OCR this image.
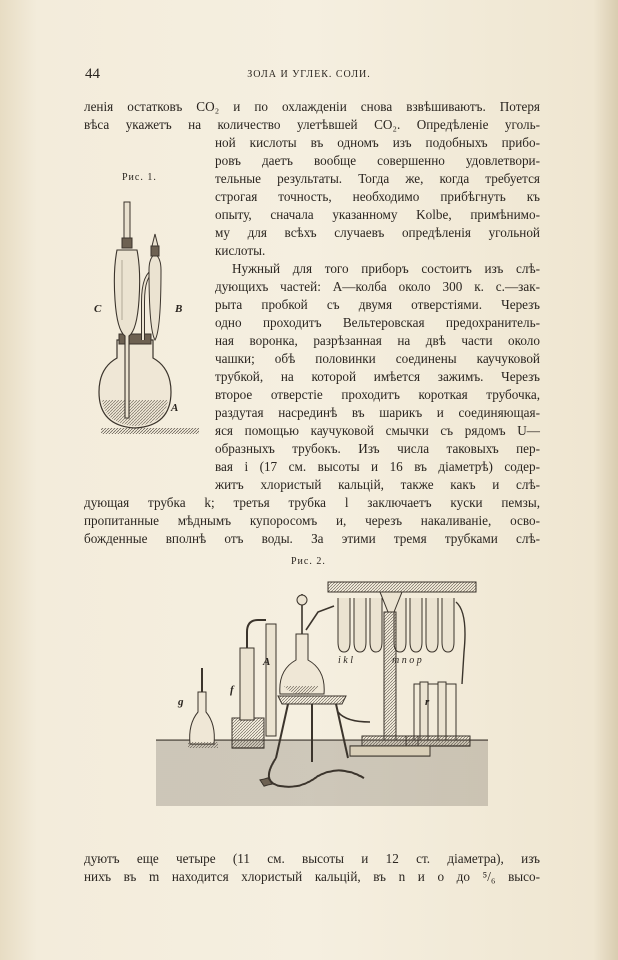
44	ЗОЛА И УГЛЕК. СОЛИ.
ленія остатковъ CO₂ и по охлажденіи снова взвѣшиваютъ. Потеря
вѣса укажетъ на количество улетѣвшей CO₂. Опредѣленіе уголь-
ной кислоты въ одномъ изъ подобныхъ прибо-
ровъ даетъ вообще совершенно удовлетвори-
тельные результаты. Тогда же, когда требуется
строгая точность, необходимо прибѣгнуть къ
опыту, сначала указанному Kolbe, примѣнимо-
му для всѣхъ случаевъ опредѣленія угольной
кислоты.
Нужный для того приборъ состоитъ изъ слѣ-
дующихъ частей: A—колба около 300 к. с.—зак-
рыта пробкой съ двумя отверстіями. Черезъ
одно проходитъ Вельтеровская предохранитель-
ная воронка, разрѣзанная на двѣ части около
чашки; обѣ половинки соединены каучуковой
трубкой, на которой имѣется зажимъ. Черезъ
второе отверстіе проходитъ короткая трубочка,
раздутая насрединѣ въ шарикъ и соединяющая-
яся помощью каучуковой смычки съ рядомъ U—
образныхъ трубокъ. Изъ числа таковыхъ пер-
вая i (17 см. высоты и 16 въ діаметрѣ) содер-
житъ хлористый кальцій, также какъ и слѣ-
дующая трубка k; третья трубка l заключаетъ куски пемзы,
пропитанные мѣднымъ купоросомъ и, черезъ накаливаніе, осво-
божденные вполнѣ отъ воды. За этими тремя трубками слѣ-
дуютъ еще четыре (11 см. высоты и 12 ст. діаметра), изъ
нихъ въ m находится хлористый кальцій, въ n и o до ⁵/₆ высо-
Рис. 1.
C	B
A
Рис. 2.
g
f
A	i k l	m n o p
r
